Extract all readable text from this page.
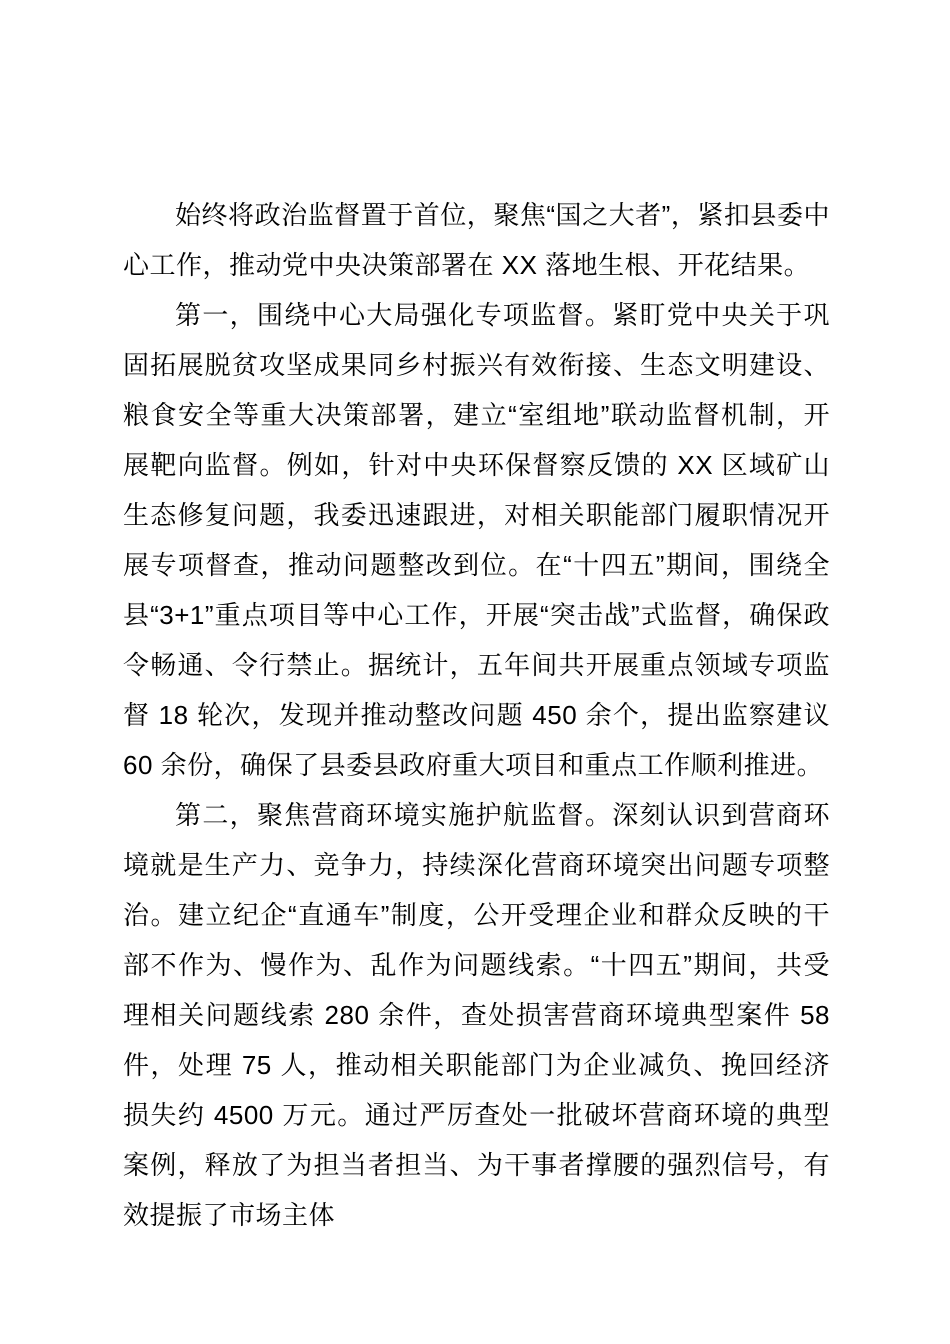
始终将政治监督置于首位，聚焦“国之大者”，紧扣县委中心工作，推动党中央决策部署在 XX 落地生根、开花结果。

第一，围绕中心大局强化专项监督。紧盯党中央关于巩固拓展脱贫攻坚成果同乡村振兴有效衔接、生态文明建设、粮食安全等重大决策部署，建立“室组地”联动监督机制，开展靶向监督。例如，针对中央环保督察反馈的 XX 区域矿山生态修复问题，我委迅速跟进，对相关职能部门履职情况开展专项督查，推动问题整改到位。在“十四五”期间，围绕全县“3+1”重点项目等中心工作，开展“突击战”式监督，确保政令畅通、令行禁止。据统计，五年间共开展重点领域专项监督 18 轮次，发现并推动整改问题 450 余个，提出监察建议 60 余份，确保了县委县政府重大项目和重点工作顺利推进。

第二，聚焦营商环境实施护航监督。深刻认识到营商环境就是生产力、竞争力，持续深化营商环境突出问题专项整治。建立纪企“直通车”制度，公开受理企业和群众反映的干部不作为、慢作为、乱作为问题线索。“十四五”期间，共受理相关问题线索 280 余件，查处损害营商环境典型案件 58 件，处理 75 人，推动相关职能部门为企业减负、挽回经济损失约 4500 万元。通过严厉查处一批破坏营商环境的典型案例，释放了为担当者担当、为干事者撑腰的强烈信号，有效提振了市场主体
